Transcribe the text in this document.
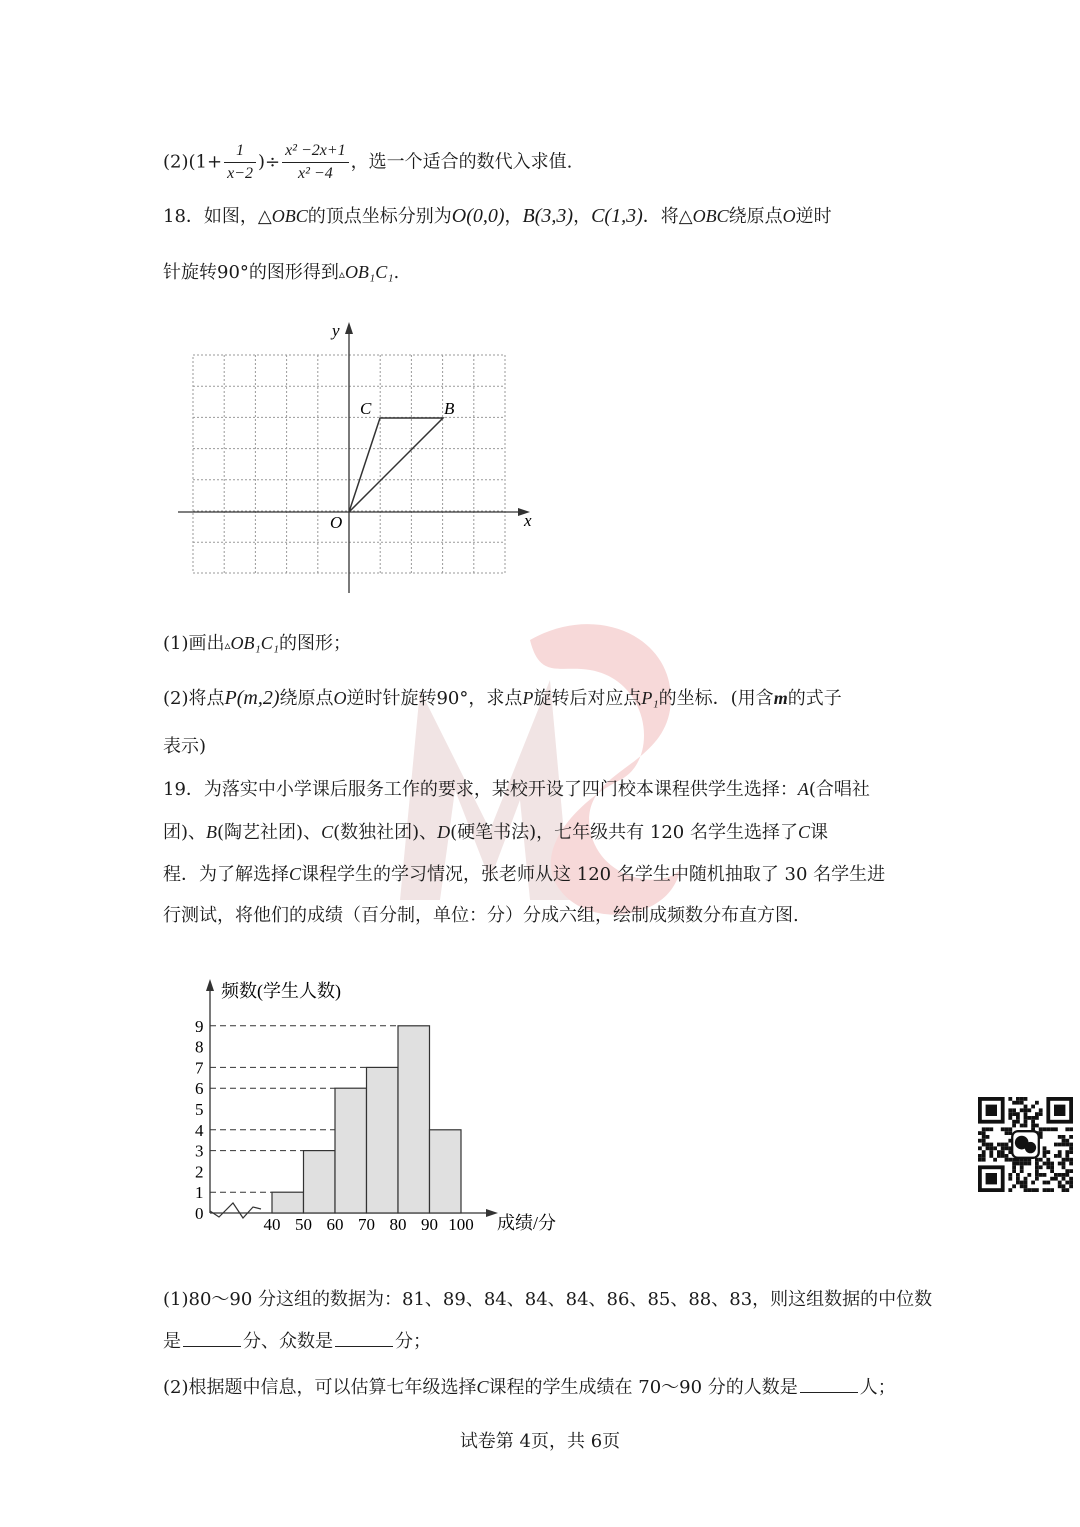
$(2)(1+ \frac{1}{x-2}$ )÷ $\frac{\text{x² −2x+1}}{\text{x² −4}}$ ，选一个适合的数代入求值.
18．如图，△OBC的顶点坐标分别为O(0,0)，B(3,3)，C(1,3)．将△OBC绕原点O逆时
针旋转90°的图形得到▵OB₁C₁.
y
x
O
C	B
(1)画出▵OB₁C₁的图形；
(2)将点P(m,2)绕原点O逆时针旋转90°，求点P旋转后对应点P₁的坐标．(用含m的式子
表示)
19．为落实中小学课后服务工作的要求，某校开设了四门校本课程供学生选择：A(合唱社
团)、B(陶艺社团)、C(数独社团)、D(硬笔书法)，七年级共有 120 名学生选择了C课
程．为了解选择C课程学生的学习情况，张老师从这 120 名学生中随机抽取了 30 名学生进
行测试，将他们的成绩（百分制，单位：分）分成六组，绘制成频数分布直方图.
0
1
2
3
4
5
6
7
8
9
40 50 60 70 80 90 100
频数(学生人数)
成绩/分
(1)80～90 分这组的数据为：81、89、84、84、84、86、85、88、83，则这组数据的中位数
是	分、众数是	分；
(2)根据题中信息，可以估算七年级选择C课程的学生成绩在 70～90 分的人数是	人；
试卷第 4页，共 6页
